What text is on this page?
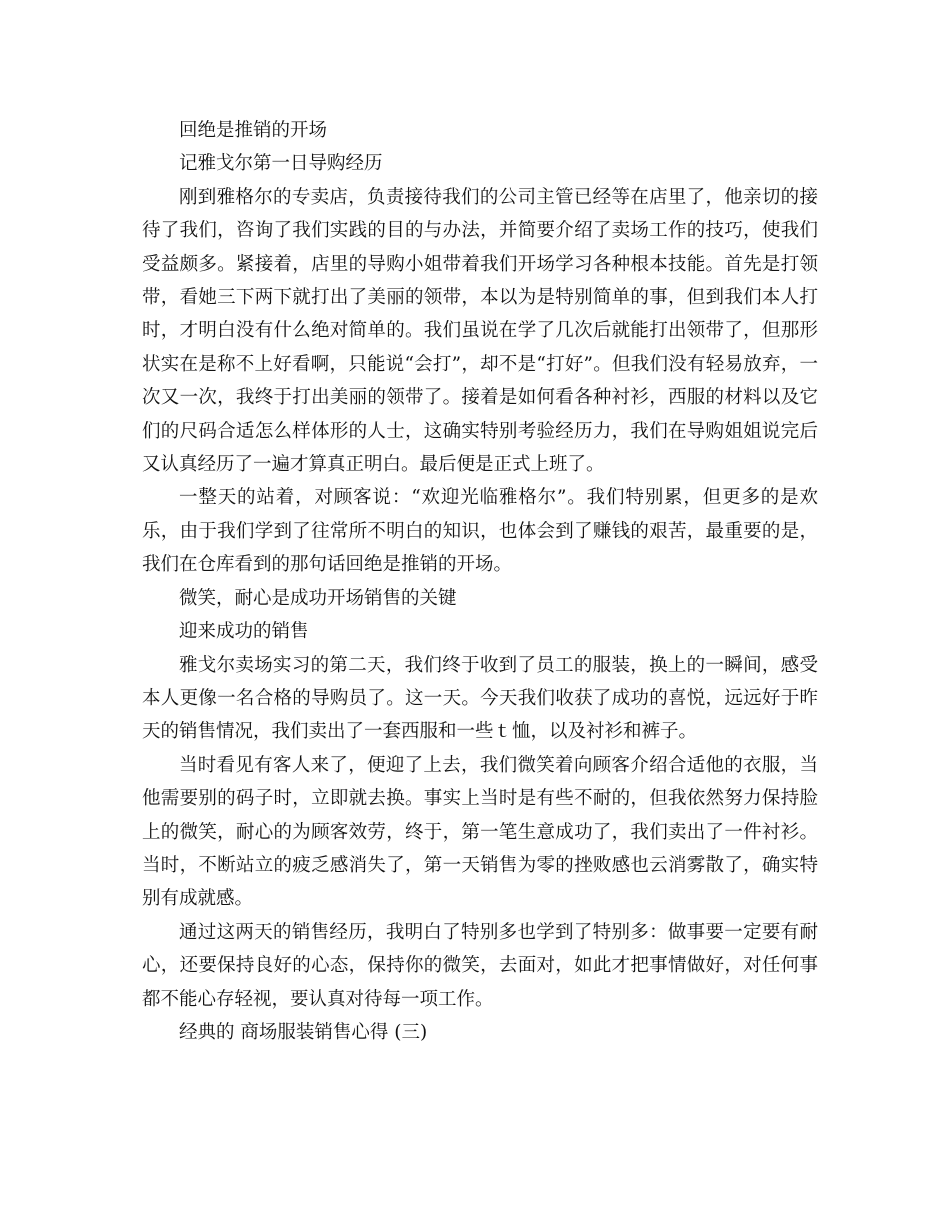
回绝是推销的开场

记雅戈尔第一日导购经历

刚到雅格尔的专卖店，负责接待我们的公司主管已经等在店里了，他亲切的接待了我们，咨询了我们实践的目的与办法，并简要介绍了卖场工作的技巧，使我们受益颇多。紧接着，店里的导购小姐带着我们开场学习各种根本技能。首先是打领带，看她三下两下就打出了美丽的领带，本以为是特别简单的事，但到我们本人打时，才明白没有什么绝对简单的。我们虽说在学了几次后就能打出领带了，但那形状实在是称不上好看啊，只能说“会打”，却不是“打好”。但我们没有轻易放弃，一次又一次，我终于打出美丽的领带了。接着是如何看各种衬衫，西服的材料以及它们的尺码合适怎么样体形的人士，这确实特别考验经历力，我们在导购姐姐说完后又认真经历了一遍才算真正明白。最后便是正式上班了。

一整天的站着，对顾客说：“欢迎光临雅格尔”。我们特别累，但更多的是欢乐，由于我们学到了往常所不明白的知识，也体会到了赚钱的艰苦，最重要的是，我们在仓库看到的那句话回绝是推销的开场。

微笑，耐心是成功开场销售的关键

迎来成功的销售

雅戈尔卖场实习的第二天，我们终于收到了员工的服装，换上的一瞬间，感受本人更像一名合格的导购员了。这一天。今天我们收获了成功的喜悦，远远好于昨天的销售情况，我们卖出了一套西服和一些ｔ恤，以及衬衫和裤子。

当时看见有客人来了，便迎了上去，我们微笑着向顾客介绍合适他的衣服，当他需要别的码子时，立即就去换。事实上当时是有些不耐的，但我依然努力保持脸上的微笑，耐心的为顾客效劳，终于，第一笔生意成功了，我们卖出了一件衬衫。当时，不断站立的疲乏感消失了，第一天销售为零的挫败感也云消雾散了，确实特别有成就感。

通过这两天的销售经历，我明白了特别多也学到了特别多：做事要一定要有耐心，还要保持良好的心态，保持你的微笑，去面对，如此才把事情做好，对任何事都不能心存轻视，要认真对待每一项工作。

经典的 商场服装销售心得 (三)
